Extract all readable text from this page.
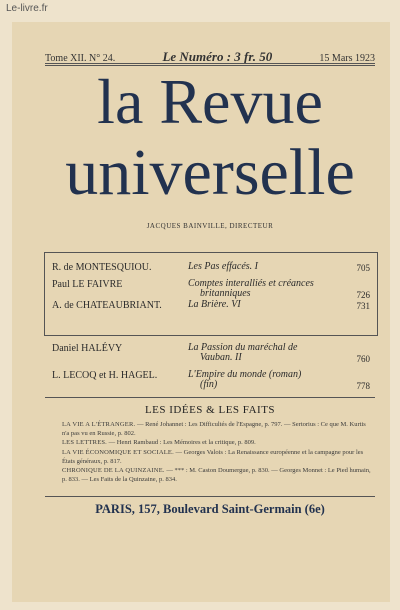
Le-livre.fr
Tome XII. N° 24.	Le Numéro : 3 fr. 50	15 Mars 1923
la Revue
universelle
JACQUES BAINVILLE, DIRECTEUR
R. de MONTESQUIOU.	Les Pas effacés. I	705
Paul LE FAIVRE	Comptes interalliés et créances
britanniques	726
A. de CHATEAUBRIANT.	La Brière. VI	731
Daniel HALÉVY	La Passion du maréchal de
Vauban. II	760
L. LECOQ et H. HAGEL.	L'Empire du monde (roman)
(fin)	778
LES IDÉES & LES FAITS
LA VIE A L'ÉTRANGER. — René Johannet : Les Difficultés de l'Espagne, p. 797. — Sertorius : Ce que M. Kurtis n'a pas vu en Russie, p. 802.
LES LETTRES. — Henri Rambaud : Les Mémoires et la critique, p. 809.
LA VIE ÉCONOMIQUE ET SOCIALE. — Georges Valois : La Renaissance européenne et la campagne pour les États généraux, p. 817.
CHRONIQUE DE LA QUINZAINE. — *** : M. Caston Doumergue, p. 830. — Georges Monnet : Le Pied humain, p. 833. — Les Faits de la Quinzaine, p. 834.
PARIS, 157, Boulevard Saint-Germain (6e)
